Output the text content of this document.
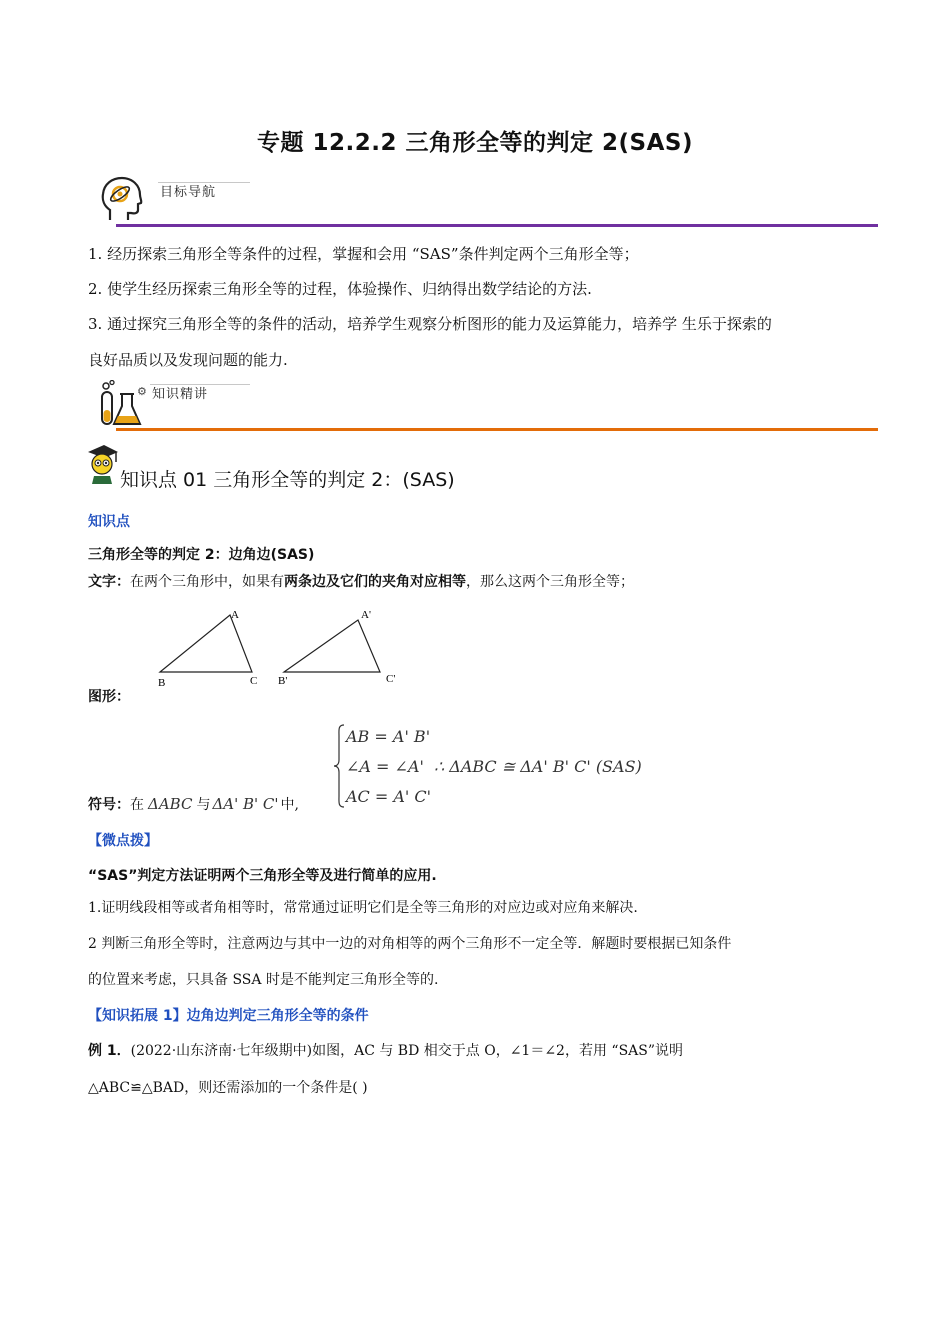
专题 12.2.2 三角形全等的判定 2(SAS)
目标导航
1. 经历探索三角形全等条件的过程，掌握和会用 “SAS”条件判定两个三角形全等；
2. 使学生经历探索三角形全等的过程，体验操作、归纳得出数学结论的方法.
3. 通过探究三角形全等的条件的活动，培养学生观察分析图形的能力及运算能力，培养学 生乐于探索的
良好品质以及发现问题的能力.
⚙ 知识精讲
知识点 01 三角形全等的判定 2：(SAS)
知识点
三角形全等的判定 2：边角边(SAS)
文字：在两个三角形中，如果有两条边及它们的夹角对应相等，那么这两个三角形全等；
A
B	C
A'
B'	C'
图形：
AB = A' B'
∠A = ∠A' ∴ ΔABC ≅ ΔA' B' C' (SAS)
AC = A' C'
符号：在 ΔABC 与 ΔA' B' C' 中,
【微点拨】
“SAS”判定方法证明两个三角形全等及进行简单的应用.
1.证明线段相等或者角相等时，常常通过证明它们是全等三角形的对应边或对应角来解决.
2 判断三角形全等时，注意两边与其中一边的对角相等的两个三角形不一定全等．解题时要根据已知条件
的位置来考虑，只具备 SSA 时是不能判定三角形全等的.
【知识拓展 1】边角边判定三角形全等的条件
例 1．(2022·山东济南·七年级期中)如图，AC 与 BD 相交于点 O，∠1＝∠2，若用 “SAS”说明
△ABC≌△BAD，则还需添加的一个条件是( )
